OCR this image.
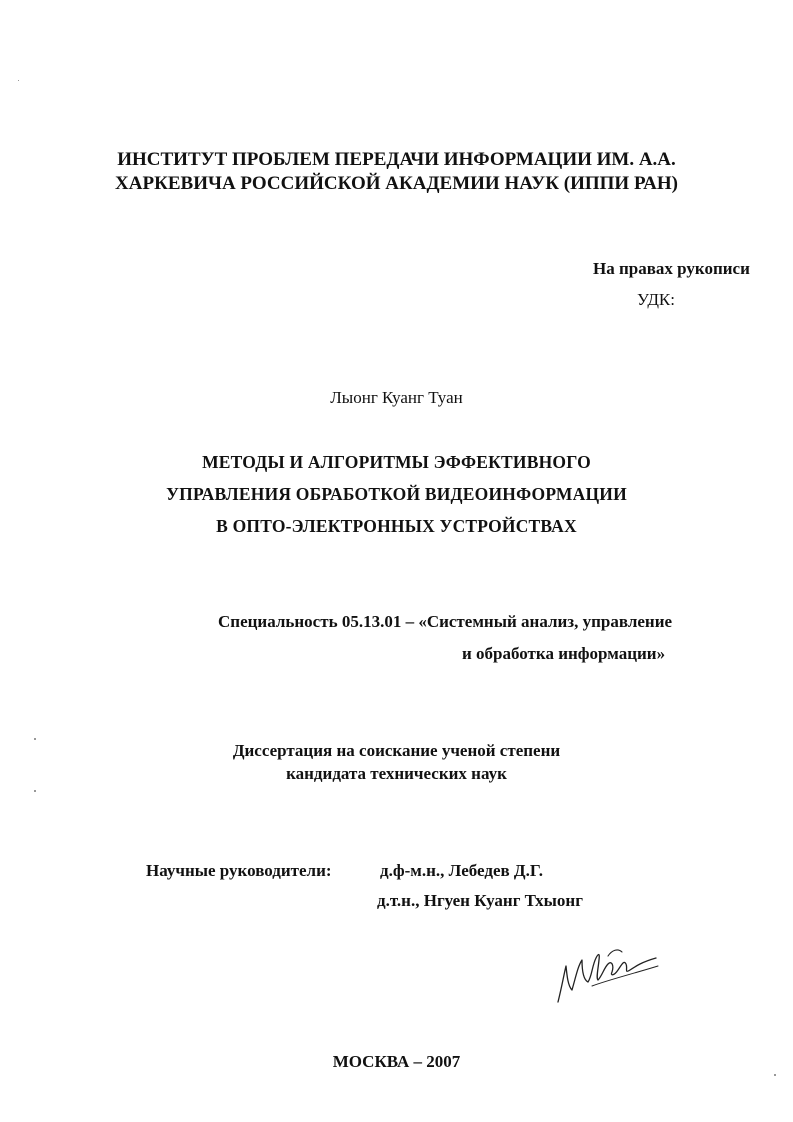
ИНСТИТУТ ПРОБЛЕМ ПЕРЕДАЧИ ИНФОРМАЦИИ ИМ. А.А.
ХАРКЕВИЧА РОССИЙСКОЙ АКАДЕМИИ НАУК (ИППИ РАН)
На правах рукописи
УДК:
Лыонг Куанг Туан
МЕТОДЫ И АЛГОРИТМЫ ЭФФЕКТИВНОГО
УПРАВЛЕНИЯ ОБРАБОТКОЙ ВИДЕОИНФОРМАЦИИ
В ОПТО-ЭЛЕКТРОННЫХ УСТРОЙСТВАХ
Специальность 05.13.01 – «Системный анализ, управление
и обработка информации»
Диссертация на соискание ученой степени
кандидата технических наук
Научные руководители:	д.ф-м.н., Лебедев Д.Г.
д.т.н., Нгуен Куанг Тхыонг
МОСКВА – 2007
